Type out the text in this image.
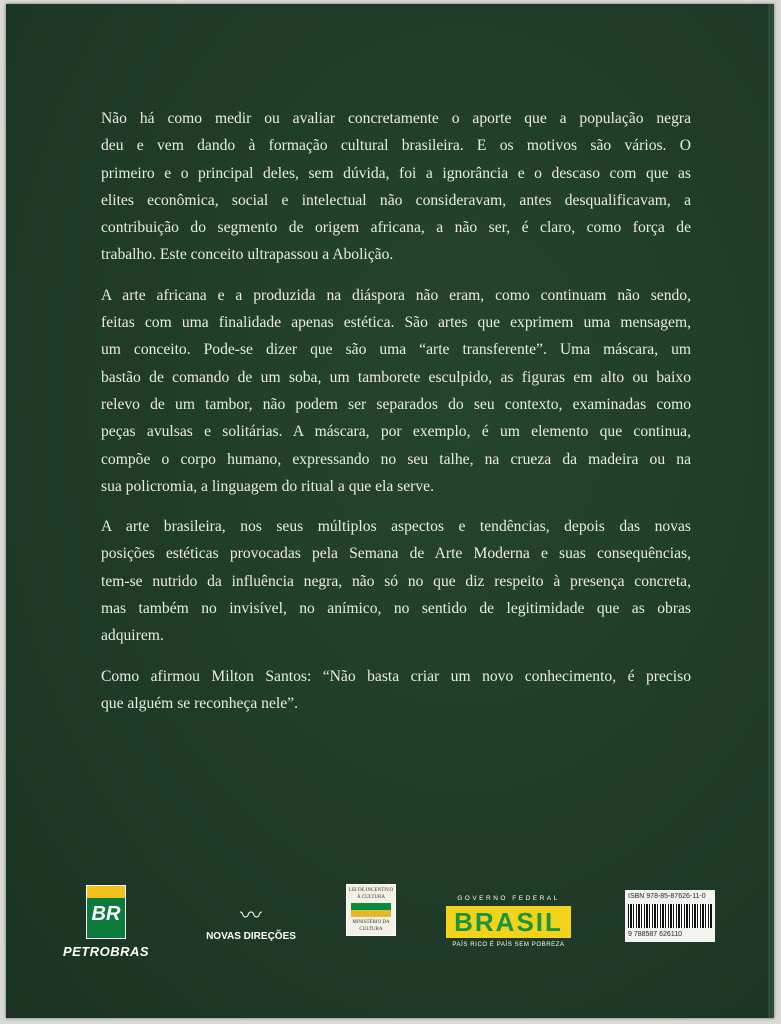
Não há como medir ou avaliar concretamente o aporte que a população negra
deu e vem dando à formação cultural brasileira. E os motivos são vários. O
primeiro e o principal deles, sem dúvida, foi a ignorância e o descaso com que as
elites econômica, social e intelectual não consideravam, antes desqualificavam, a
contribuição do segmento de origem africana, a não ser, é claro, como força de
trabalho. Este conceito ultrapassou a Abolição.
A arte africana e a produzida na diáspora não eram, como continuam não sendo,
feitas com uma finalidade apenas estética. São artes que exprimem uma mensagem,
um conceito. Pode-se dizer que são uma “arte transferente”. Uma máscara, um
bastão de comando de um soba, um tamborete esculpido, as figuras em alto ou baixo
relevo de um tambor, não podem ser separados do seu contexto, examinadas como
peças avulsas e solitárias. A máscara, por exemplo, é um elemento que continua,
compõe o corpo humano, expressando no seu talhe, na crueza da madeira ou na
sua policromia, a linguagem do ritual a que ela serve.
A arte brasileira, nos seus múltiplos aspectos e tendências, depois das novas
posições estéticas provocadas pela Semana de Arte Moderna e suas consequências,
tem-se nutrido da influência negra, não só no que diz respeito à presença concreta,
mas também no invisível, no anímico, no sentido de legitimidade que as obras
adquirem.
Como afirmou Milton Santos: “Não basta criar um novo conhecimento, é preciso
que alguém se reconheça nele”.
BR
PETROBRAS
〰
NOVAS DIREÇÕES
LEI DE INCENTIVO À CULTURA
MINISTÉRIO DA CULTURA
GOVERNO FEDERAL
BRASIL
PAÍS RICO É PAÍS SEM POBREZA
ISBN 978-85-87626-11-0
9 788587 626110
